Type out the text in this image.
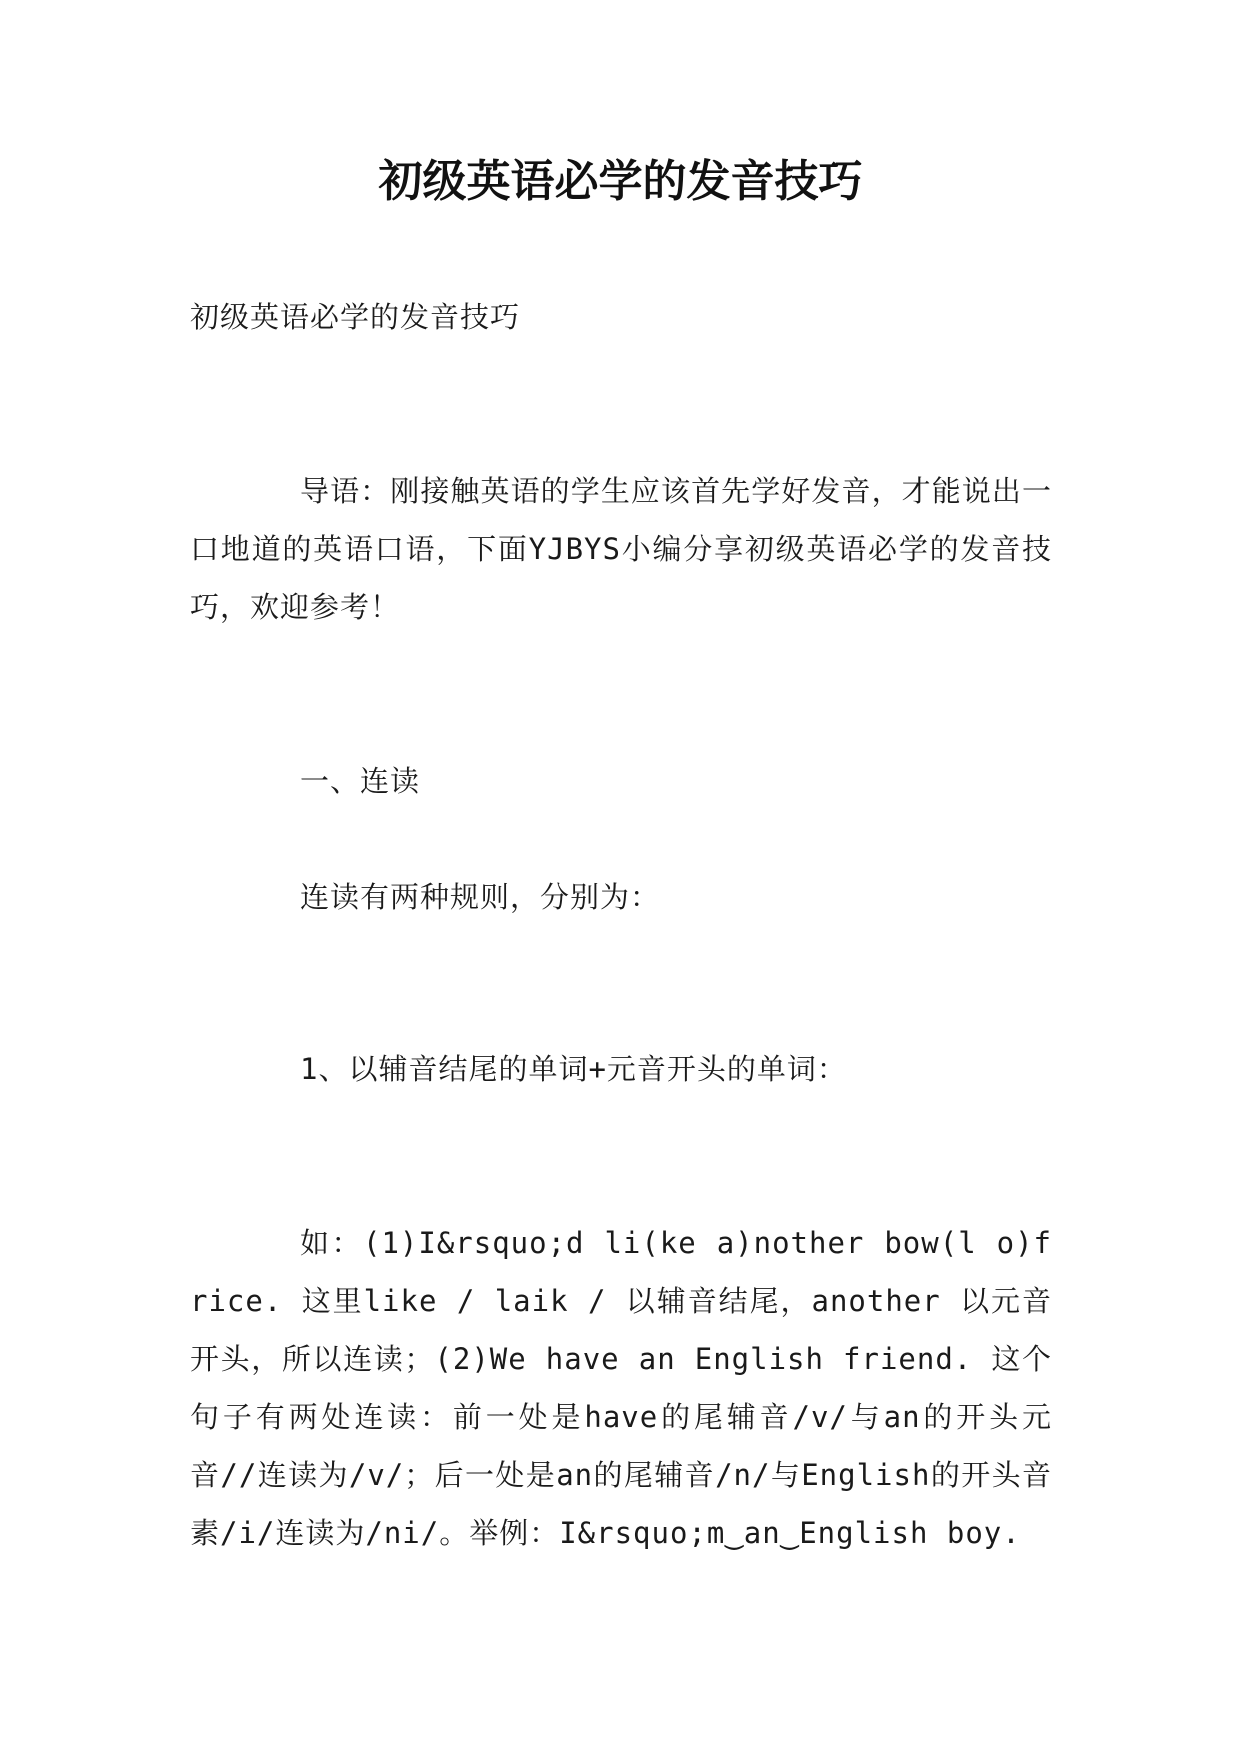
初级英语必学的发音技巧

初级英语必学的发音技巧

导语：刚接触英语的学生应该首先学好发音，才能说出一口地道的英语口语，下面YJBYS小编分享初级英语必学的发音技巧，欢迎参考！

一、连读

连读有两种规则，分别为：

1、以辅音结尾的单词+元音开头的单词：

如：(1)I&rsquo;d li(ke a)nother bow(l o)f rice. 这里like / laik / 以辅音结尾，another 以元音开头，所以连读；(2)We have an English friend. 这个句子有两处连读：前一处是have的尾辅音/v/与an的开头元音//连读为/v/；后一处是an的尾辅音/n/与English的开头音素/i/连读为/ni/。举例：I&rsquo;m‿an‿English boy.
